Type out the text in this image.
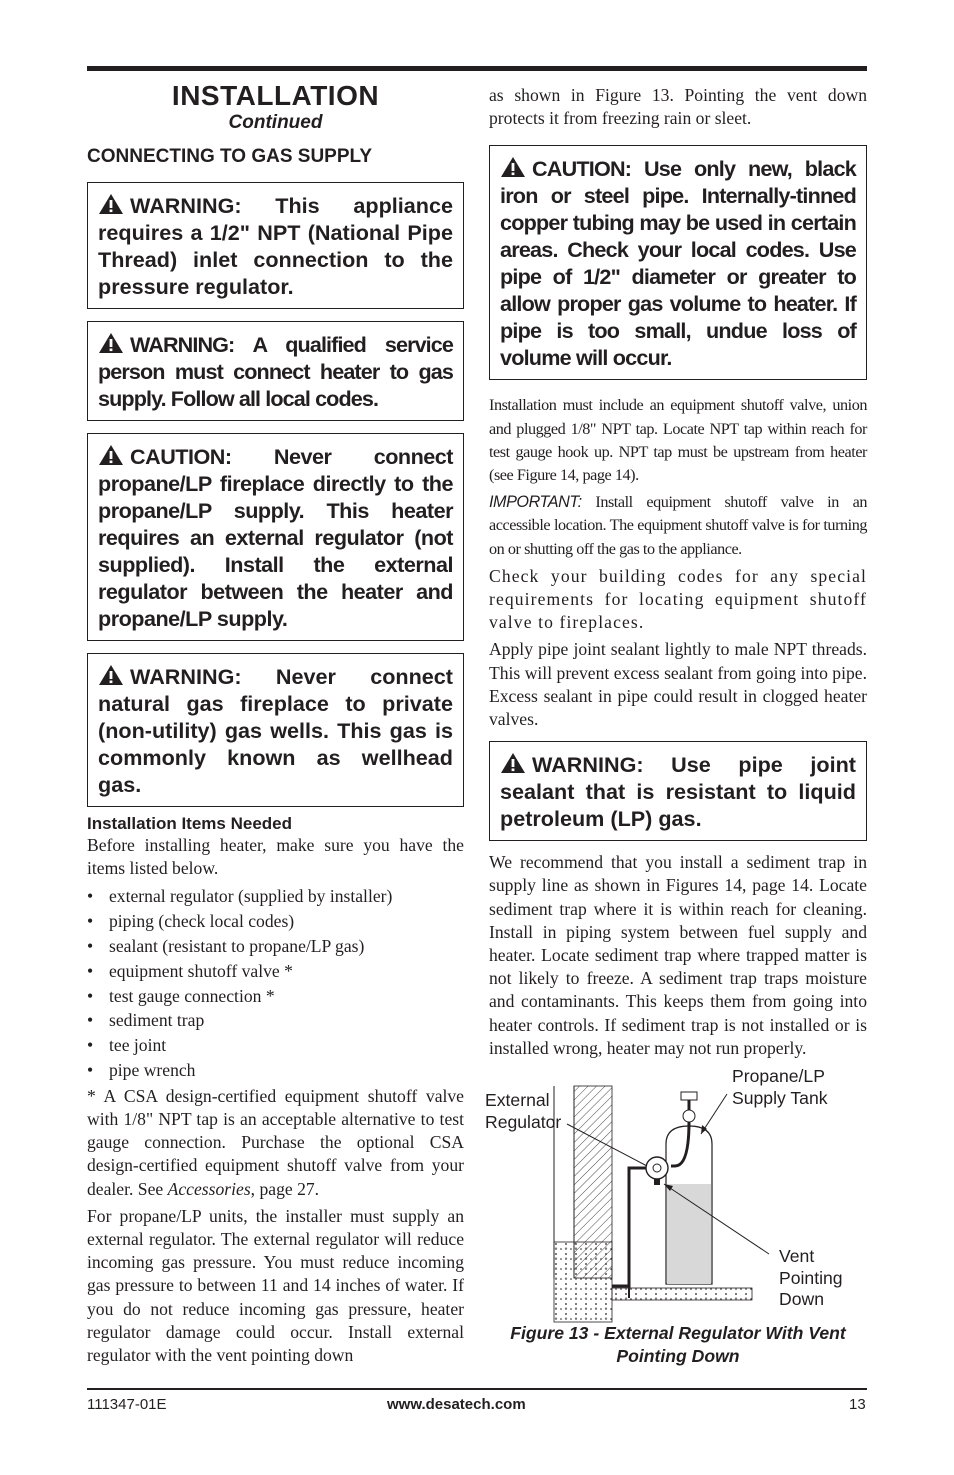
INSTALLATION

Continued

CONNECTING TO GAS SUPPLY
WARNING: This appliance requires a 1/2" NPT (National Pipe Thread) inlet connection to the pressure regulator.
WARNING: A qualified service person must connect heater to gas supply. Follow all local codes.
CAUTION: Never connect propane/LP fireplace directly to the propane/LP supply. This heater requires an external regulator (not supplied). Install the external regulator between the heater and propane/LP supply.
WARNING: Never connect natural gas fireplace to private (non-utility) gas wells. This gas is commonly known as wellhead gas.
Installation Items Needed

Before installing heater, make sure you have the items listed below.

• external regulator (supplied by installer)
• piping (check local codes)
• sealant (resistant to propane/LP gas)
• equipment shutoff valve *
• test gauge connection *
• sediment trap
• tee joint
• pipe wrench

* A CSA design-certified equipment shutoff valve with 1/8" NPT tap is an acceptable alternative to test gauge connection. Purchase the optional CSA design-certified equipment shutoff valve from your dealer. See Accessories, page 27.

For propane/LP units, the installer must supply an external regulator. The external regulator will reduce incoming gas pressure. You must reduce incoming gas pressure to between 11 and 14 inches of water. If you do not reduce incoming gas pressure, heater regulator damage could occur. Install external regulator with the vent pointing down

as shown in Figure 13. Pointing the vent down protects it from freezing rain or sleet.

CAUTION: Use only new, black iron or steel pipe. Internally-tinned copper tubing may be used in certain areas. Check your local codes. Use pipe of 1/2" diameter or greater to allow proper gas volume to heater. If pipe is too small, undue loss of volume will occur.

Installation must include an equipment shutoff valve, union and plugged 1/8" NPT tap. Locate NPT tap within reach for test gauge hook up. NPT tap must be upstream from heater (see Figure 14, page 14).

IMPORTANT: Install equipment shutoff valve in an accessible location. The equipment shutoff valve is for turning on or shutting off the gas to the appliance.

Check your building codes for any special requirements for locating equipment shutoff valve to fireplaces.

Apply pipe joint sealant lightly to male NPT threads. This will prevent excess sealant from going into pipe. Excess sealant in pipe could result in clogged heater valves.

WARNING: Use pipe joint sealant that is resistant to liquid petroleum (LP) gas.

We recommend that you install a sediment trap in supply line as shown in Figures 14, page 14. Locate sediment trap where it is within reach for cleaning. Install in piping system between fuel supply and heater. Locate sediment trap where trapped matter is not likely to freeze. A sediment trap traps moisture and contaminants. This keeps them from going into heater controls. If sediment trap is not installed or is installed wrong, heater may not run properly.

External
Regulator
Propane/LP
Supply Tank
Vent
Pointing
Down
Figure 13 - External Regulator With Vent
Pointing Down
111347-01E	www.desatech.com	13
